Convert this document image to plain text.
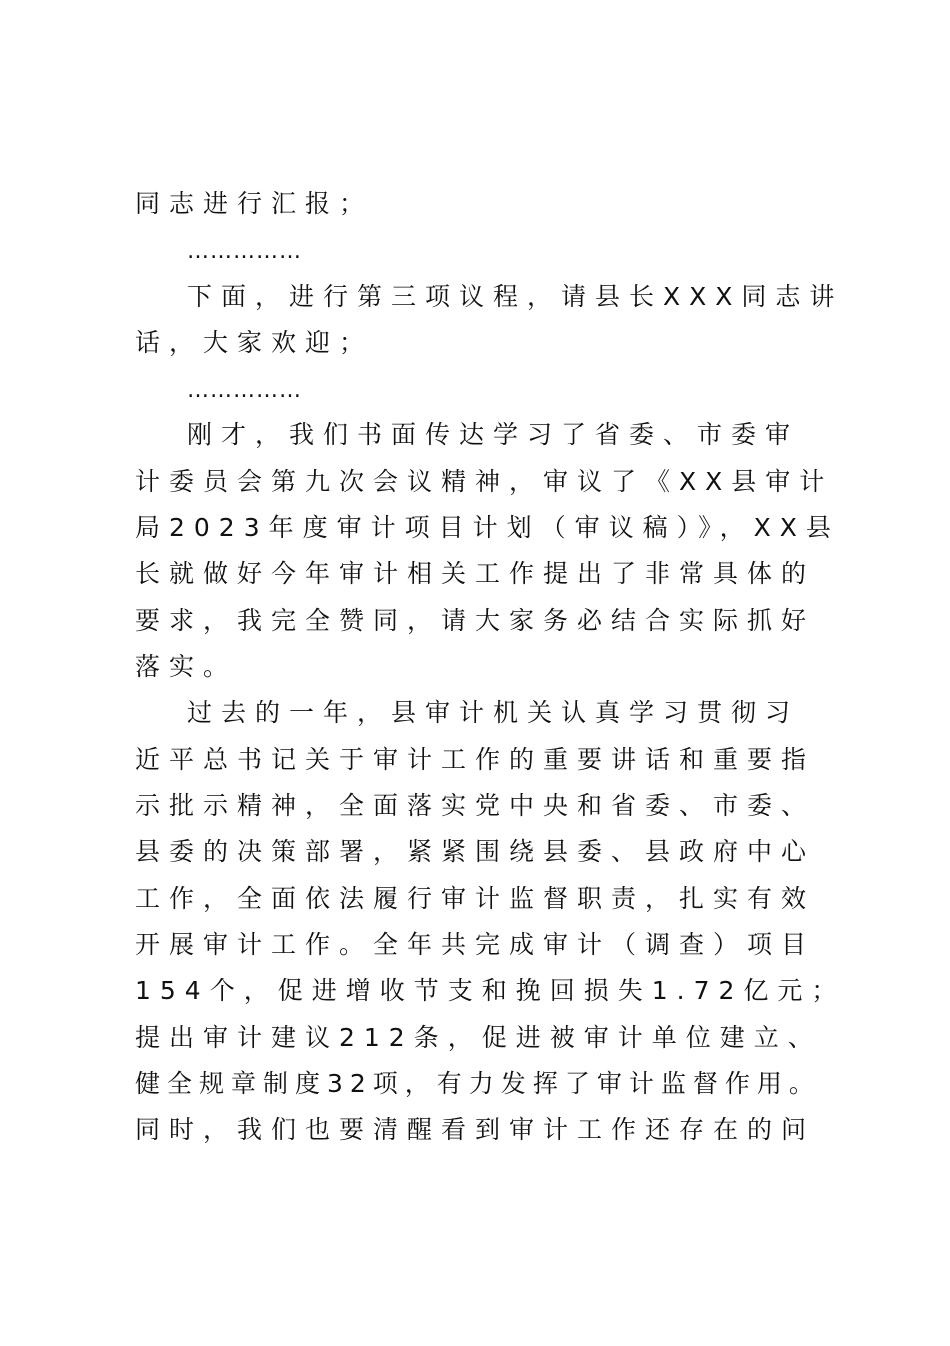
同志进行汇报；
……………
下面，进行第三项议程，请县长XXX同志讲
话，大家欢迎；
……………
刚才，我们书面传达学习了省委、市委审
计委员会第九次会议精神，审议了《XX县审计
局2023年度审计项目计划（审议稿）》，XX县
长就做好今年审计相关工作提出了非常具体的
要求，我完全赞同，请大家务必结合实际抓好
落实。
过去的一年，县审计机关认真学习贯彻习
近平总书记关于审计工作的重要讲话和重要指
示批示精神，全面落实党中央和省委、市委、
县委的决策部署，紧紧围绕县委、县政府中心
工作，全面依法履行审计监督职责，扎实有效
开展审计工作。全年共完成审计（调查）项目
154个，促进增收节支和挽回损失1.72亿元；
提出审计建议212条，促进被审计单位建立、
健全规章制度32项，有力发挥了审计监督作用。
同时，我们也要清醒看到审计工作还存在的问
